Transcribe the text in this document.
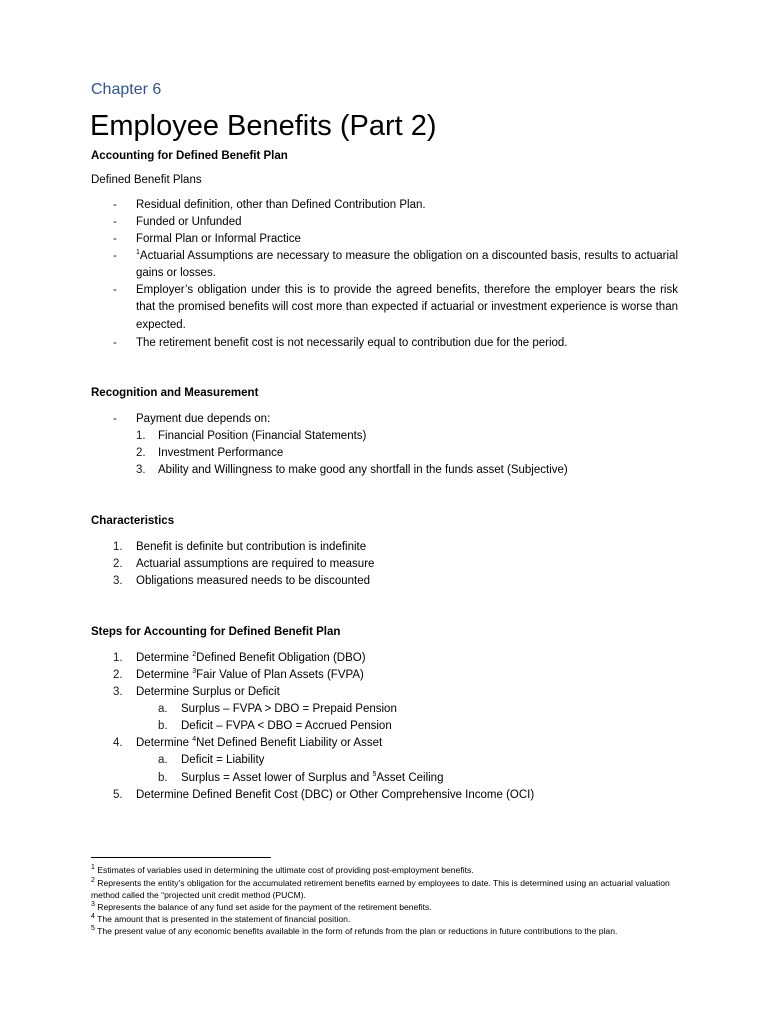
Chapter 6
Employee Benefits (Part 2)
Accounting for Defined Benefit Plan
Defined Benefit Plans
- Residual definition, other than Defined Contribution Plan.
- Funded or Unfunded
- Formal Plan or Informal Practice
-	$^1$Actuarial Assumptions are necessary to measure the obligation on a discounted basis, results to actuarial gains or losses.
- Employer’s obligation under this is to provide the agreed benefits, therefore the employer bears the risk that the promised benefits will cost more than expected if actuarial or investment experience is worse than expected.
- The retirement benefit cost is not necessarily equal to contribution due for the period.
Recognition and Measurement
- Payment due depends on:
1. Financial Position (Financial Statements)
2. Investment Performance
3. Ability and Willingness to make good any shortfall in the funds asset (Subjective)
Characteristics
1. Benefit is definite but contribution is indefinite
2. Actuarial assumptions are required to measure
3. Obligations measured needs to be discounted
Steps for Accounting for Defined Benefit Plan
1. Determine $^2$Defined Benefit Obligation (DBO)
2. Determine $^3$Fair Value of Plan Assets (FVPA)
3. Determine Surplus or Deficit
a. Surplus – FVPA > DBO = Prepaid Pension
b. Deficit – FVPA < DBO = Accrued Pension
4. Determine $^4$Net Defined Benefit Liability or Asset
a. Deficit = Liability
b. Surplus = Asset lower of Surplus and $^5$Asset Ceiling
5. Determine Defined Benefit Cost (DBC) or Other Comprehensive Income (OCI)
$^1$ Estimates of variables used in determining the ultimate cost of providing post-employment benefits.
$^2$ Represents the entity’s obligation for the accumulated retirement benefits earned by employees to date. This is determined using an actuarial valuation method called the “projected unit credit method (PUCM).
$^3$ Represents the balance of any fund set aside for the payment of the retirement benefits.
$^4$ The amount that is presented in the statement of financial position.
$^5$ The present value of any economic benefits available in the form of refunds from the plan or reductions in future contributions to the plan.
